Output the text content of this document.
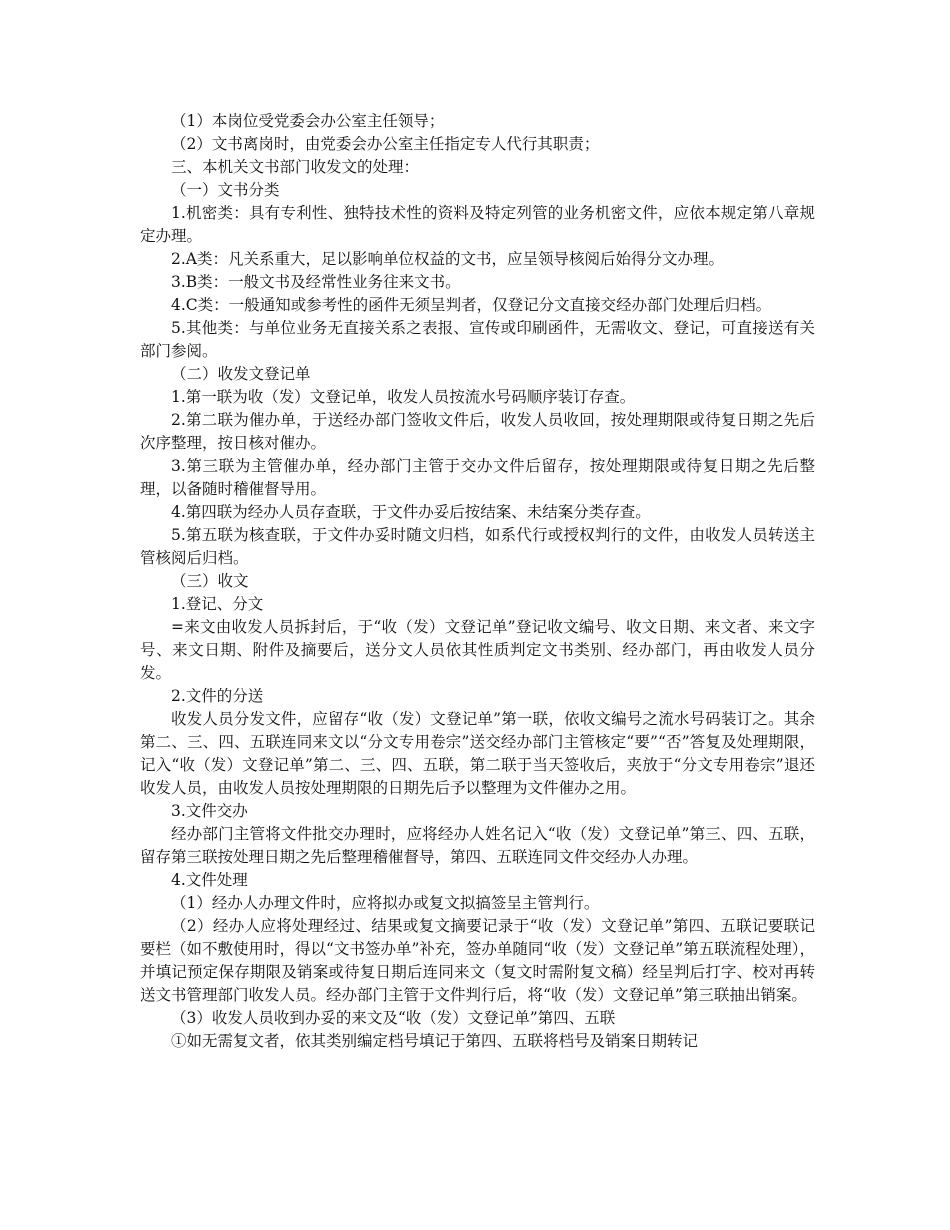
（1）本岗位受党委会办公室主任领导；

（2）文书离岗时，由党委会办公室主任指定专人代行其职责；

三、本机关文书部门收发文的处理：

（一）文书分类

1.机密类：具有专利性、独特技术性的资料及特定列管的业务机密文件，应依本规定第八章规定办理。

2.A类：凡关系重大，足以影响单位权益的文书，应呈领导核阅后始得分文办理。

3.B类：一般文书及经常性业务往来文书。

4.C类：一般通知或参考性的函件无须呈判者，仅登记分文直接交经办部门处理后归档。

5.其他类：与单位业务无直接关系之表报、宣传或印刷函件，无需收文、登记，可直接送有关部门参阅。

（二）收发文登记单

1.第一联为收（发）文登记单，收发人员按流水号码顺序装订存查。

2.第二联为催办单，于送经办部门签收文件后，收发人员收回，按处理期限或待复日期之先后次序整理，按日核对催办。

3.第三联为主管催办单，经办部门主管于交办文件后留存，按处理期限或待复日期之先后整理，以备随时稽催督导用。

4.第四联为经办人员存查联，于文件办妥后按结案、未结案分类存查。

5.第五联为核查联，于文件办妥时随文归档，如系代行或授权判行的文件，由收发人员转送主管核阅后归档。

（三）收文

1.登记、分文

=来文由收发人员拆封后，于“收（发）文登记单”登记收文编号、收文日期、来文者、来文字号、来文日期、附件及摘要后，送分文人员依其性质判定文书类别、经办部门，再由收发人员分发。

2.文件的分送

收发人员分发文件，应留存“收（发）文登记单”第一联，依收文编号之流水号码装订之。其余第二、三、四、五联连同来文以“分文专用卷宗”送交经办部门主管核定“要”“否”答复及处理期限，记入“收（发）文登记单”第二、三、四、五联，第二联于当天签收后，夹放于“分文专用卷宗”退还收发人员，由收发人员按处理期限的日期先后予以整理为文件催办之用。

3.文件交办

经办部门主管将文件批交办理时，应将经办人姓名记入“收（发）文登记单”第三、四、五联，留存第三联按处理日期之先后整理稽催督导，第四、五联连同文件交经办人办理。

4.文件处理

（1）经办人办理文件时，应将拟办或复文拟搞签呈主管判行。

（2）经办人应将处理经过、结果或复文摘要记录于“收（发）文登记单”第四、五联记要联记要栏（如不敷使用时，得以“文书签办单”补充，签办单随同“收（发）文登记单”第五联流程处理），并填记预定保存期限及销案或待复日期后连同来文（复文时需附复文稿）经呈判后打字、校对再转送文书管理部门收发人员。经办部门主管于文件判行后，将“收（发）文登记单”第三联抽出销案。

（3）收发人员收到办妥的来文及“收（发）文登记单”第四、五联

①如无需复文者，依其类别编定档号填记于第四、五联将档号及销案日期转记
